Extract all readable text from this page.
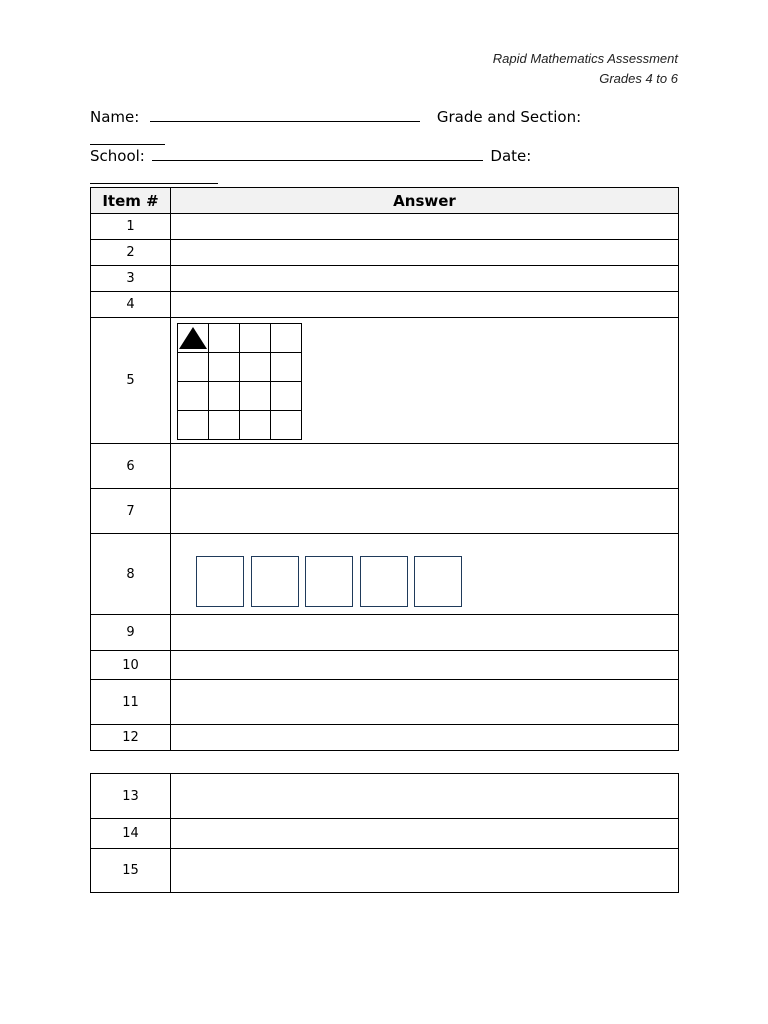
Rapid Mathematics Assessment
Grades 4 to 6
Name:	Grade and Section:
School:	Date:
Item #	Answer
1	
2	
3	
4	
5	

6	
7	
8	

9	
10	
11	
12	
13	
14	
15	
